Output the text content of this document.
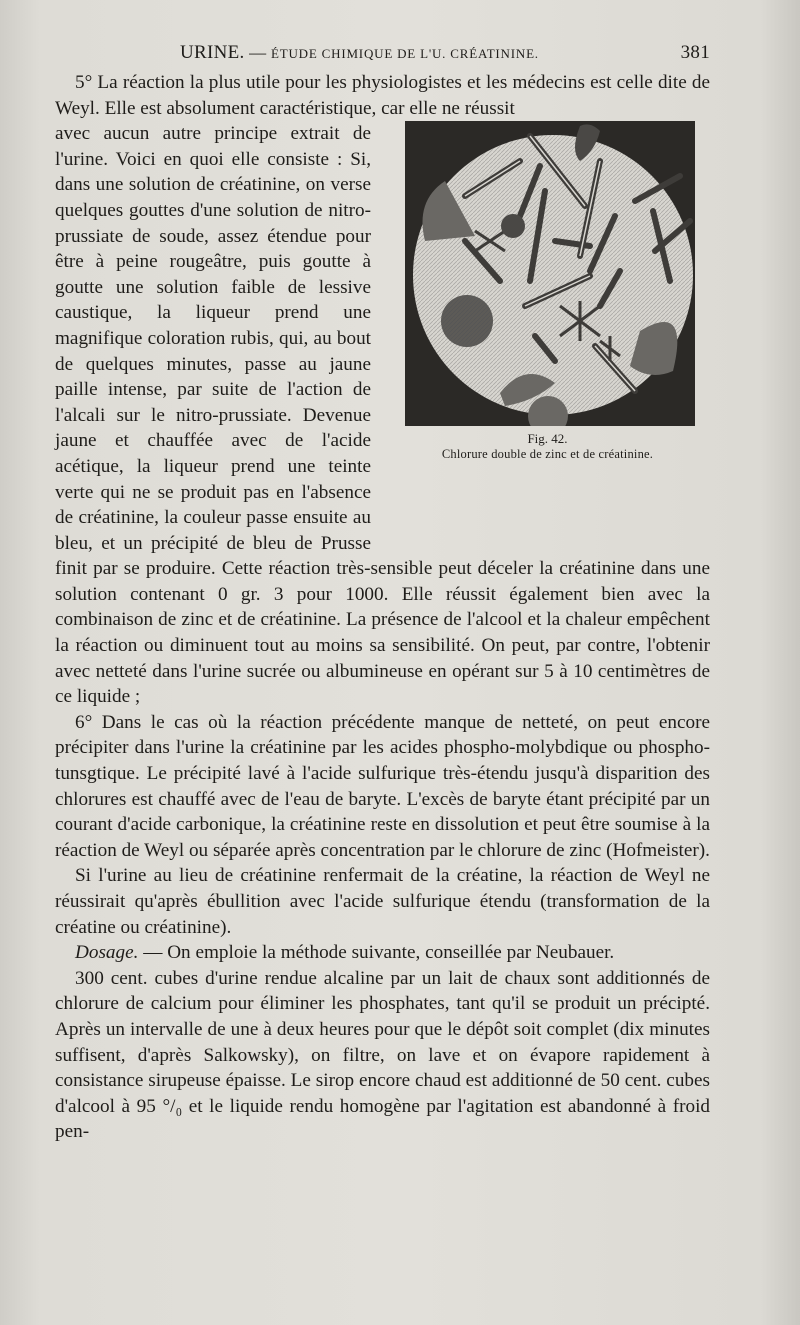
URINE. — ÉTUDE CHIMIQUE DE L'U. CRÉATININE.	381

5° La réaction la plus utile pour les physiologistes et les médecins est celle dite de Weyl. Elle est absolument caractéristique, car elle ne réussit

Fig. 42.
Chlorure double de zinc et de créatinine.

avec aucun autre principe extrait de l'urine. Voici en quoi elle consiste : Si, dans une solution de créatinine, on verse quelques gouttes d'une solution de nitro-prussiate de soude, assez étendue pour être à peine rougeâtre, puis goutte à goutte une solution faible de lessive caustique, la liqueur prend une magnifique coloration rubis, qui, au bout de quelques minutes, passe au jaune paille intense, par suite de l'action de l'alcali sur le nitro-prussiate. Devenue jaune et chauffée avec de l'acide acétique, la liqueur prend une teinte verte qui ne se produit pas en l'absence de créatinine, la couleur passe ensuite au bleu, et un précipité de bleu de Prusse finit par se produire. Cette réaction très-sensible peut déceler la créatinine dans une solution contenant 0 gr. 3 pour 1000. Elle réussit également bien avec la combinaison de zinc et de créatinine. La présence de l'alcool et la chaleur empêchent la réaction ou diminuent tout au moins sa sensibilité. On peut, par contre, l'obtenir avec netteté dans l'urine sucrée ou albumineuse en opérant sur 5 à 10 centimètres de ce liquide ;

6° Dans le cas où la réaction précédente manque de netteté, on peut encore précipiter dans l'urine la créatinine par les acides phospho-molybdique ou phospho-tunsgtique. Le précipité lavé à l'acide sulfurique très-étendu jusqu'à disparition des chlorures est chauffé avec de l'eau de baryte. L'excès de baryte étant précipité par un courant d'acide carbonique, la créatinine reste en dissolution et peut être soumise à la réaction de Weyl ou séparée après concentration par le chlorure de zinc (Hofmeister).

Si l'urine au lieu de créatinine renfermait de la créatine, la réaction de Weyl ne réussirait qu'après ébullition avec l'acide sulfurique étendu (transformation de la créatine ou créatinine).

Dosage. — On emploie la méthode suivante, conseillée par Neubauer.

300 cent. cubes d'urine rendue alcaline par un lait de chaux sont additionnés de chlorure de calcium pour éliminer les phosphates, tant qu'il se produit un précipté. Après un intervalle de une à deux heures pour que le dépôt soit complet (dix minutes suffisent, d'après Salkowsky), on filtre, on lave et on évapore rapidement à consistance sirupeuse épaisse. Le sirop encore chaud est additionné de 50 cent. cubes d'alcool à 95 °/₀ et le liquide rendu homogène par l'agitation est abandonné à froid pen-
